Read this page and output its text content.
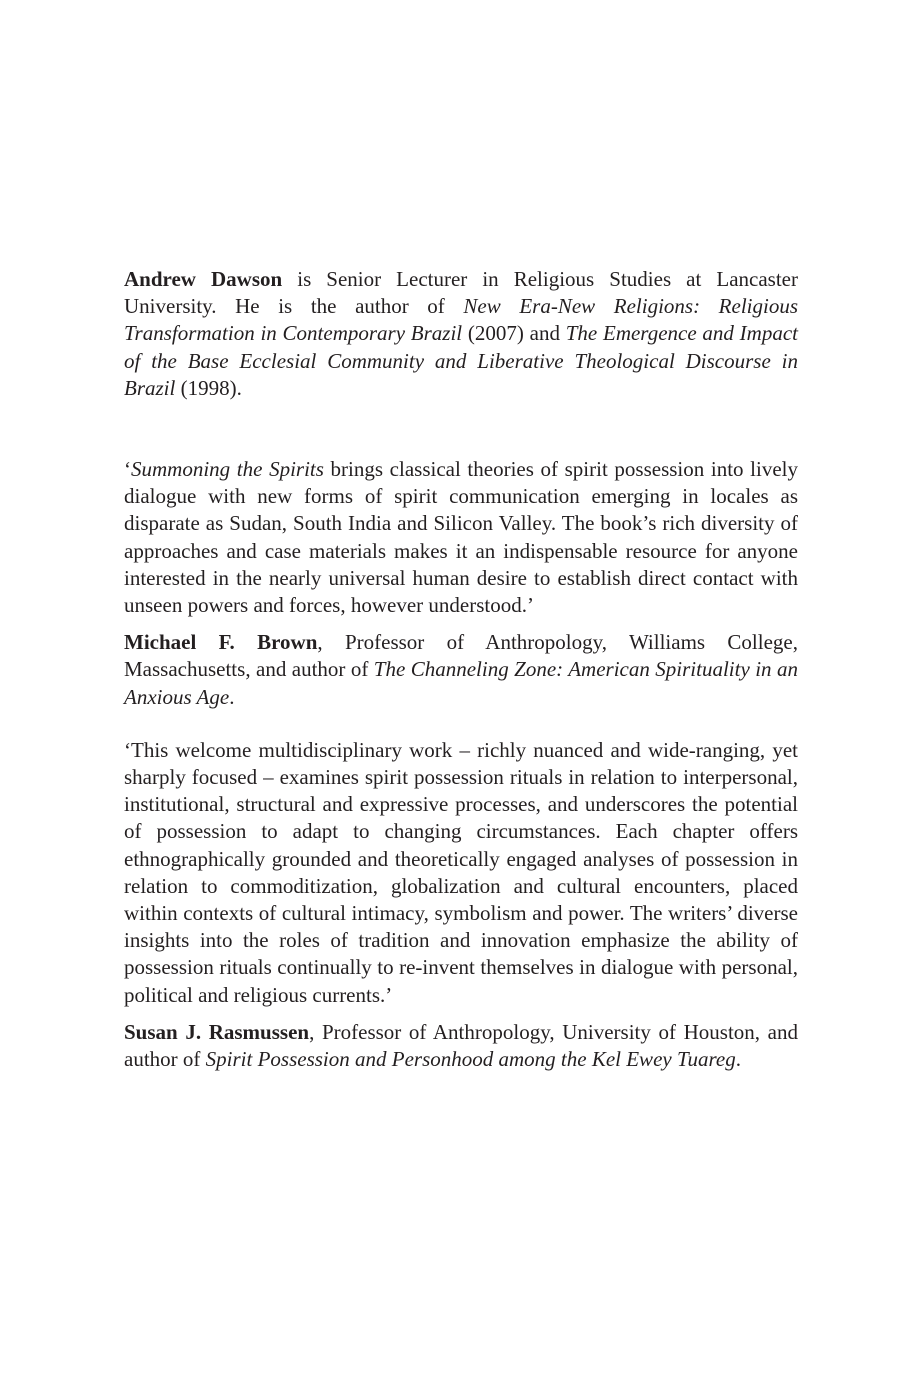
Andrew Dawson is Senior Lecturer in Religious Studies at Lancaster University. He is the author of New Era-New Religions: Religious Transformation in Contemporary Brazil (2007) and The Emergence and Impact of the Base Ecclesial Community and Liberative Theological Discourse in Brazil (1998).

‘Summoning the Spirits brings classical theories of spirit possession into lively dialogue with new forms of spirit communication emerging in locales as disparate as Sudan, South India and Silicon Valley. The book’s rich diversity of approaches and case materials makes it an indispensable resource for anyone interested in the nearly universal human desire to establish direct contact with unseen powers and forces, however understood.’

Michael F. Brown, Professor of Anthropology, Williams College, Massachusetts, and author of The Channeling Zone: American Spirituality in an Anxious Age.

‘This welcome multidisciplinary work – richly nuanced and wide-ranging, yet sharply focused – examines spirit possession rituals in relation to interpersonal, institutional, structural and expressive processes, and underscores the potential of possession to adapt to changing circumstances. Each chapter offers ethnographically grounded and theoretically engaged analyses of possession in relation to commoditization, globalization and cultural encounters, placed within contexts of cultural intimacy, symbolism and power. The writers’ diverse insights into the roles of tradition and innovation emphasize the ability of possession rituals continually to re-invent themselves in dialogue with personal, political and religious currents.’

Susan J. Rasmussen, Professor of Anthropology, University of Houston, and author of Spirit Possession and Personhood among the Kel Ewey Tuareg.
